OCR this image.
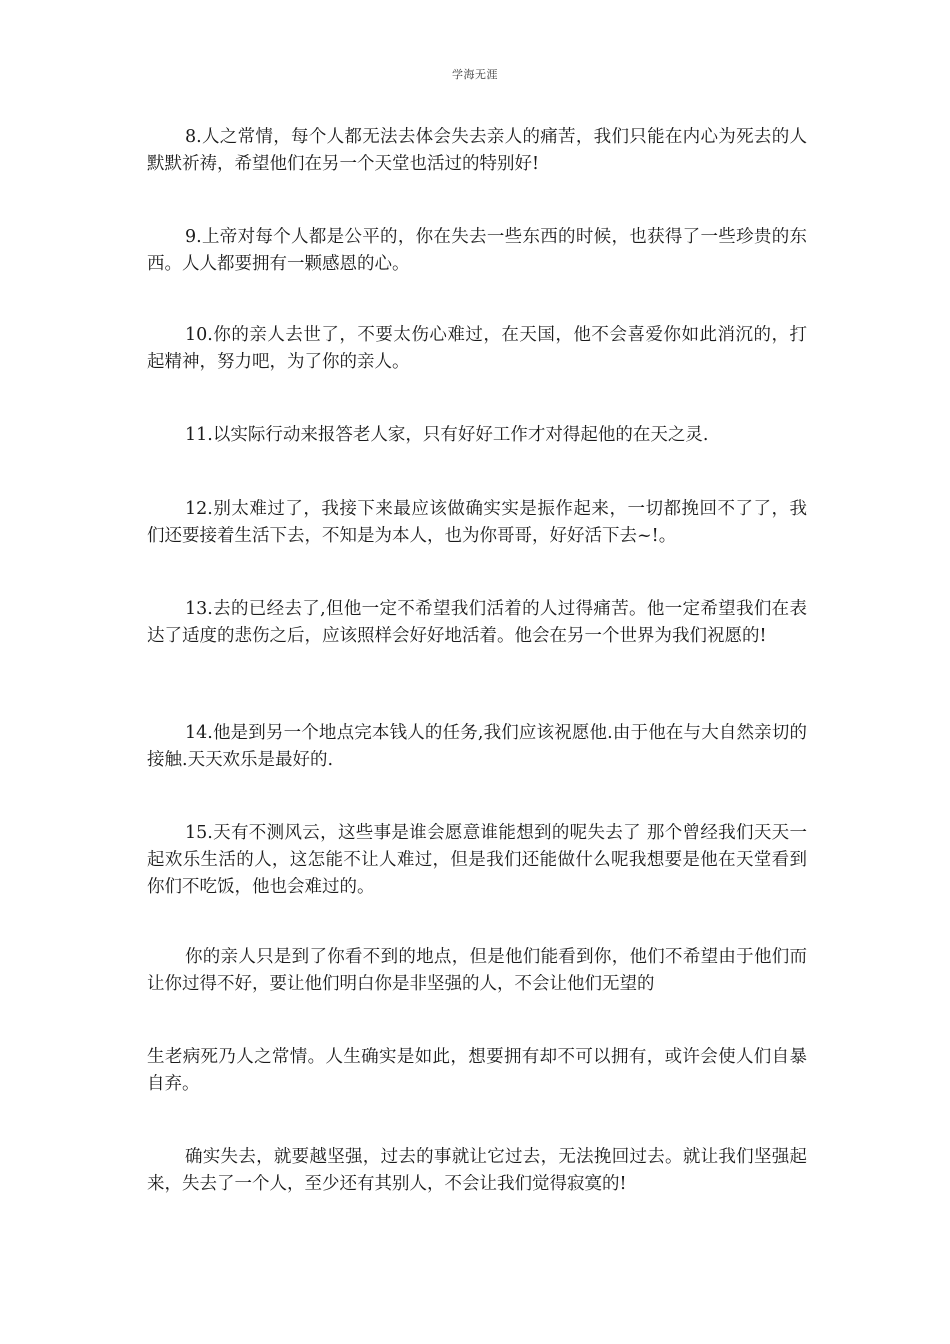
学海无涯

8.人之常情，每个人都无法去体会失去亲人的痛苦，我们只能在内心为死去的人默默祈祷，希望他们在另一个天堂也活过的特别好!

9.上帝对每个人都是公平的，你在失去一些东西的时候，也获得了一些珍贵的东西。人人都要拥有一颗感恩的心。

10.你的亲人去世了，不要太伤心难过，在天国，他不会喜爱你如此消沉的，打起精神，努力吧，为了你的亲人。

11.以实际行动来报答老人家，只有好好工作才对得起他的在天之灵.

12.别太难过了，我接下来最应该做确实实是振作起来，一切都挽回不了了，我们还要接着生活下去，不知是为本人，也为你哥哥，好好活下去~!。

13.去的已经去了,但他一定不希望我们活着的人过得痛苦。他一定希望我们在表达了适度的悲伤之后，应该照样会好好地活着。他会在另一个世界为我们祝愿的!

14.他是到另一个地点完本钱人的任务,我们应该祝愿他.由于他在与大自然亲切的接触.天天欢乐是最好的.

15.天有不测风云，这些事是谁会愿意谁能想到的呢失去了 那个曾经我们天天一起欢乐生活的人，这怎能不让人难过，但是我们还能做什么呢我想要是他在天堂看到你们不吃饭，他也会难过的。

你的亲人只是到了你看不到的地点，但是他们能看到你，他们不希望由于他们而让你过得不好，要让他们明白你是非坚强的人，不会让他们无望的

生老病死乃人之常情。人生确实是如此，想要拥有却不可以拥有，或许会使人们自暴自弃。

确实失去，就要越坚强，过去的事就让它过去，无法挽回过去。就让我们坚强起来，失去了一个人，至少还有其别人，不会让我们觉得寂寞的!
